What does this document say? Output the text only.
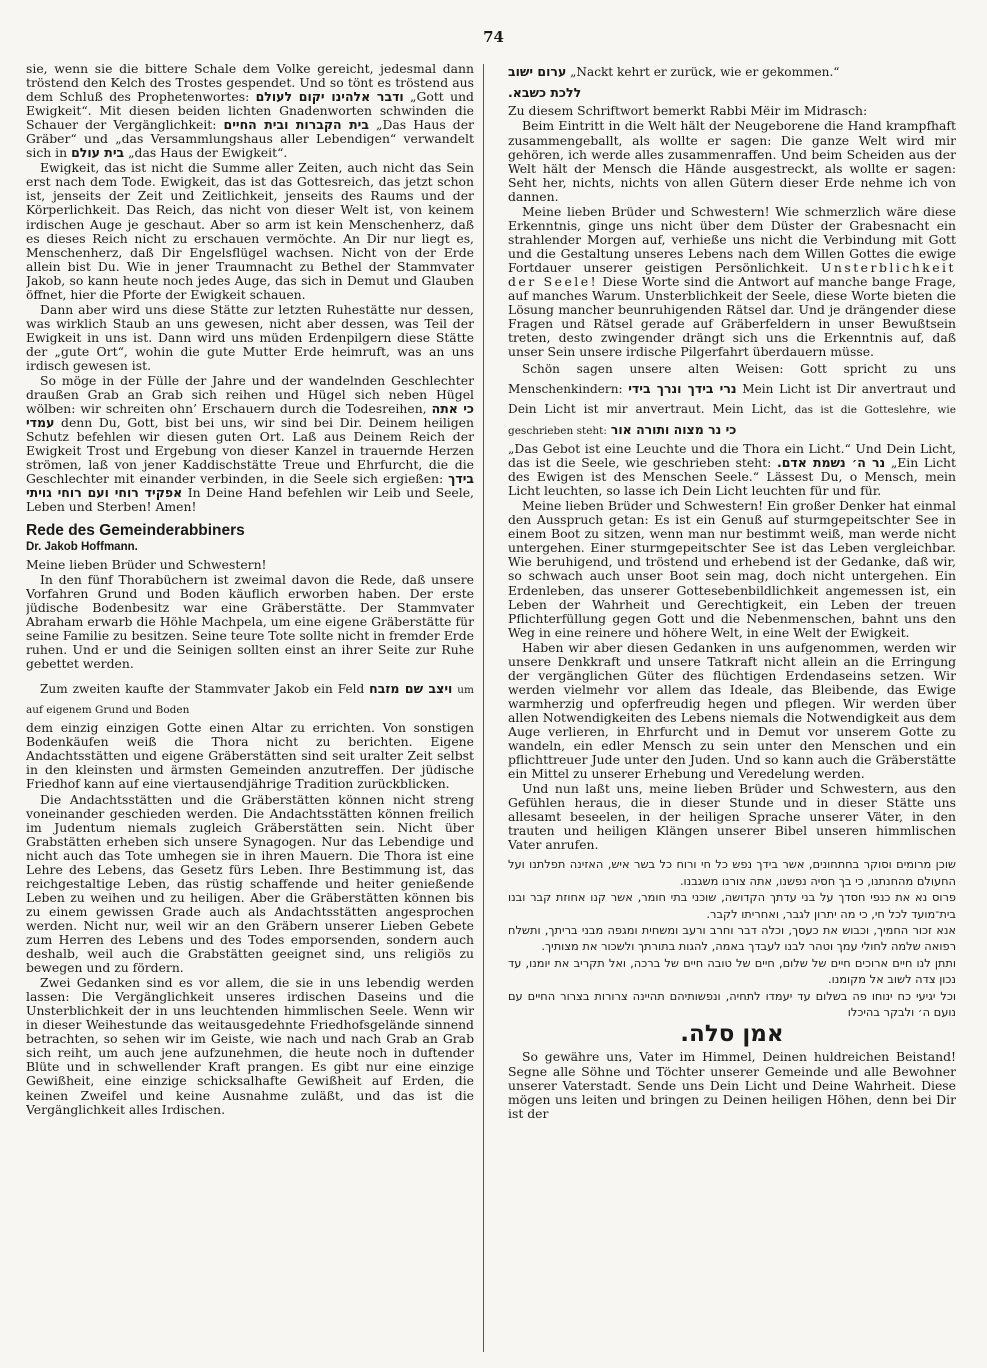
74

sie, wenn sie die bittere Schale dem Volke gereicht, jedesmal dann tröstend den Kelch des Trostes gespendet. Und so tönt es tröstend aus dem Schluß des Prophetenwortes: ודבר אלהינו יקום לעולם „Gott und Ewigkeit“. Mit diesen beiden lichten Gnadenworten schwinden die Schauer der Vergänglichkeit: בית הקברות ובית החיים „Das Haus der Gräber“ und „das Versammlungshaus aller Lebendigen“ verwandelt sich in בית עולם „das Haus der Ewigkeit“.

Ewigkeit, das ist nicht die Summe aller Zeiten, auch nicht das Sein erst nach dem Tode. Ewigkeit, das ist das Gottesreich, das jetzt schon ist, jenseits der Zeit und Zeitlichkeit, jenseits des Raums und der Körperlichkeit. Das Reich, das nicht von dieser Welt ist, von keinem irdischen Auge je geschaut. Aber so arm ist kein Menschenherz, daß es dieses Reich nicht zu erschauen vermöchte. An Dir nur liegt es, Menschenherz, daß Dir Engelsflügel wachsen. Nicht von der Erde allein bist Du. Wie in jener Traumnacht zu Bethel der Stammvater Jakob, so kann heute noch jedes Auge, das sich in Demut und Glauben öffnet, hier die Pforte der Ewigkeit schauen.

Dann aber wird uns diese Stätte zur letzten Ruhestätte nur dessen, was wirklich Staub an uns gewesen, nicht aber dessen, was Teil der Ewigkeit in uns ist. Dann wird uns müden Erdenpilgern diese Stätte der „gute Ort“, wohin die gute Mutter Erde heimruft, was an uns irdisch gewesen ist.

So möge in der Fülle der Jahre und der wandelnden Geschlechter draußen Grab an Grab sich reihen und Hügel sich neben Hügel wölben: wir schreiten ohn’ Erschauern durch die Todesreihen, כי אתה עמדי denn Du, Gott, bist bei uns, wir sind bei Dir. Deinem heiligen Schutz befehlen wir diesen guten Ort. Laß aus Deinem Reich der Ewigkeit Trost und Ergebung von dieser Kanzel in trauernde Herzen strömen, laß von jener Kaddischstätte Treue und Ehrfurcht, die die Geschlechter mit einander verbinden, in die Seele sich ergießen: בידך אפקיד רוחי ועם רוחי גויתי In Deine Hand befehlen wir Leib und Seele, Leben und Sterben! Amen!

Rede des Gemeinderabbiners
Dr. Jakob Hoffmann.

Meine lieben Brüder und Schwestern!

In den fünf Thorabüchern ist zweimal davon die Rede, daß unsere Vorfahren Grund und Boden käuflich erworben haben. Der erste jüdische Bodenbesitz war eine Gräberstätte. Der Stammvater Abraham erwarb die Höhle Machpela, um eine eigene Gräberstätte für seine Familie zu besitzen. Seine teure Tote sollte nicht in fremder Erde ruhen. Und er und die Seinigen sollten einst an ihrer Seite zur Ruhe gebettet werden.

Zum zweiten kaufte der Stammvater Jakob ein Feld ויצב שם מזבח um auf eigenem Grund und Boden

dem einzig einzigen Gotte einen Altar zu errichten. Von sonstigen Bodenkäufen weiß die Thora nicht zu berichten. Eigene Andachtsstätten und eigene Gräberstätten sind seit uralter Zeit selbst in den kleinsten und ärmsten Gemeinden anzutreffen. Der jüdische Friedhof kann auf eine viertausendjährige Tradition zurückblicken.

Die Andachtsstätten und die Gräberstätten können nicht streng voneinander geschieden werden. Die Andachtsstätten können freilich im Judentum niemals zugleich Gräberstätten sein. Nicht über Grabstätten erheben sich unsere Synagogen. Nur das Lebendige und nicht auch das Tote umhegen sie in ihren Mauern. Die Thora ist eine Lehre des Lebens, das Gesetz fürs Leben. Ihre Bestimmung ist, das reichgestaltige Leben, das rüstig schaffende und heiter genießende Leben zu weihen und zu heiligen. Aber die Gräberstätten können bis zu einem gewissen Grade auch als Andachtsstätten angesprochen werden. Nicht nur, weil wir an den Gräbern unserer Lieben Gebete zum Herren des Lebens und des Todes emporsenden, sondern auch deshalb, weil auch die Grabstätten geeignet sind, uns religiös zu bewegen und zu fördern.

Zwei Gedanken sind es vor allem, die sie in uns lebendig werden lassen: Die Vergänglichkeit unseres irdischen Daseins und die Unsterblichkeit der in uns leuchtenden himmlischen Seele. Wenn wir in dieser Weihestunde das weitausgedehnte Friedhofsgelände sinnend betrachten, so sehen wir im Geiste, wie nach und nach Grab an Grab sich reiht, um auch jene aufzunehmen, die heute noch in duftender Blüte und in schwellender Kraft prangen. Es gibt nur eine einzige Gewißheit, eine einzige schicksalhafte Gewißheit auf Erden, die keinen Zweifel und keine Ausnahme zuläßt, und das ist die Vergänglichkeit alles Irdischen.

ערום ישוב „Nackt kehrt er zurück, wie er gekommen.“

ללכת כשבא.

Zu diesem Schriftwort bemerkt Rabbi Mëir im Midrasch:

Beim Eintritt in die Welt hält der Neugeborene die Hand krampfhaft zusammengeballt, als wollte er sagen: Die ganze Welt wird mir gehören, ich werde alles zusammenraffen. Und beim Scheiden aus der Welt hält der Mensch die Hände ausgestreckt, als wollte er sagen: Seht her, nichts, nichts von allen Gütern dieser Erde nehme ich von dannen.

Meine lieben Brüder und Schwestern! Wie schmerzlich wäre diese Erkenntnis, ginge uns nicht über dem Düster der Grabesnacht ein strahlender Morgen auf, verhieße uns nicht die Verbindung mit Gott und die Gestaltung unseres Lebens nach dem Willen Gottes die ewige Fortdauer unserer geistigen Persönlichkeit. Unsterblichkeit der Seele! Diese Worte sind die Antwort auf manche bange Frage, auf manches Warum. Unsterblichkeit der Seele, diese Worte bieten die Lösung mancher beunruhigenden Rätsel dar. Und je drängender diese Fragen und Rätsel gerade auf Gräberfeldern in unser Bewußtsein treten, desto zwingender drängt sich uns die Erkenntnis auf, daß unser Sein unsere irdische Pilgerfahrt überdauern müsse.

Schön sagen unsere alten Weisen: Gott spricht zu uns Menschenkindern: נרי בידך ונרך בידי Mein Licht ist Dir anvertraut und Dein Licht ist mir anvertraut. Mein Licht, das ist die Gotteslehre, wie geschrieben steht: כי נר מצוה ותורה אור

„Das Gebot ist eine Leuchte und die Thora ein Licht.“ Und Dein Licht, das ist die Seele, wie geschrieben steht: נר ה׳ נשמת אדם. „Ein Licht des Ewigen ist des Menschen Seele.“ Lässest Du, o Mensch, mein Licht leuchten, so lasse ich Dein Licht leuchten für und für.

Meine lieben Brüder und Schwestern! Ein großer Denker hat einmal den Ausspruch getan: Es ist ein Genuß auf sturmgepeitschter See in einem Boot zu sitzen, wenn man nur bestimmt weiß, man werde nicht untergehen. Einer sturmgepeitschter See ist das Leben vergleichbar. Wie beruhigend, und tröstend und erhebend ist der Gedanke, daß wir, so schwach auch unser Boot sein mag, doch nicht untergehen. Ein Erdenleben, das unserer Gottesebenbildlichkeit angemessen ist, ein Leben der Wahrheit und Gerechtigkeit, ein Leben der treuen Pflichterfüllung gegen Gott und die Nebenmenschen, bahnt uns den Weg in eine reinere und höhere Welt, in eine Welt der Ewigkeit.

Haben wir aber diesen Gedanken in uns aufgenommen, werden wir unsere Denkkraft und unsere Tatkraft nicht allein an die Erringung der vergänglichen Güter des flüchtigen Erdendaseins setzen. Wir werden vielmehr vor allem das Ideale, das Bleibende, das Ewige warmherzig und opferfreudig hegen und pflegen. Wir werden über allen Notwendigkeiten des Lebens niemals die Notwendigkeit aus dem Auge verlieren, in Ehrfurcht und in Demut vor unserem Gotte zu wandeln, ein edler Mensch zu sein unter den Menschen und ein pflichttreuer Jude unter den Juden. Und so kann auch die Gräberstätte ein Mittel zu unserer Erhebung und Veredelung werden.

Und nun laßt uns, meine lieben Brüder und Schwestern, aus den Gefühlen heraus, die in dieser Stunde und in dieser Stätte uns allesamt beseelen, in der heiligen Sprache unserer Väter, in den trauten und heiligen Klängen unserer Bibel unseren himmlischen Vater anrufen.

שוכן מרומים וסוקר בחתחונים, אשר בידך נפש כל חי ורוח כל בשר איש, האזינה תפלתנו ועל החעולם מהחנתנו, כי בך חסיה נפשנו, אתה צורנו משגבנו.

פרוס נא את כנפי חסדך על בני עדתך הקדושה, שוכני בתי חומר, אשר קנו אחוזת קבר ובנו בית־מועד לכל חי, כי מה יתרון לגבר, ואחריתו לקבר.

אנא זכור החמיך, וכבוש את כעסך, וכלה דבר וחרב ורעב ומשחית ומגפה מבני בריתך, ותשלח רפואה שלמה לחולי עמך וטהר לבנו לעבדך באמה, להגות בתורתך ולשכור את מצותיך.

ותתן לנו חיים ארוכים חיים של שלום, חיים של טובה חיים של ברכה, ואל תקריב את יומנו, עד נכון צדה לשוב אל מקומנו.

וכל יגיעי כח ינוחו פה בשלום עד יעמדו לתחיה, ונפשותיהם תהיינה צרורות בצרור החיים עם נועם ה׳ ולבקר בהיכלו

אמן סלה.

So gewähre uns, Vater im Himmel, Deinen huldreichen Beistand! Segne alle Söhne und Töchter unserer Gemeinde und alle Bewohner unserer Vaterstadt. Sende uns Dein Licht und Deine Wahrheit. Diese mögen uns leiten und bringen zu Deinen heiligen Höhen, denn bei Dir ist der
